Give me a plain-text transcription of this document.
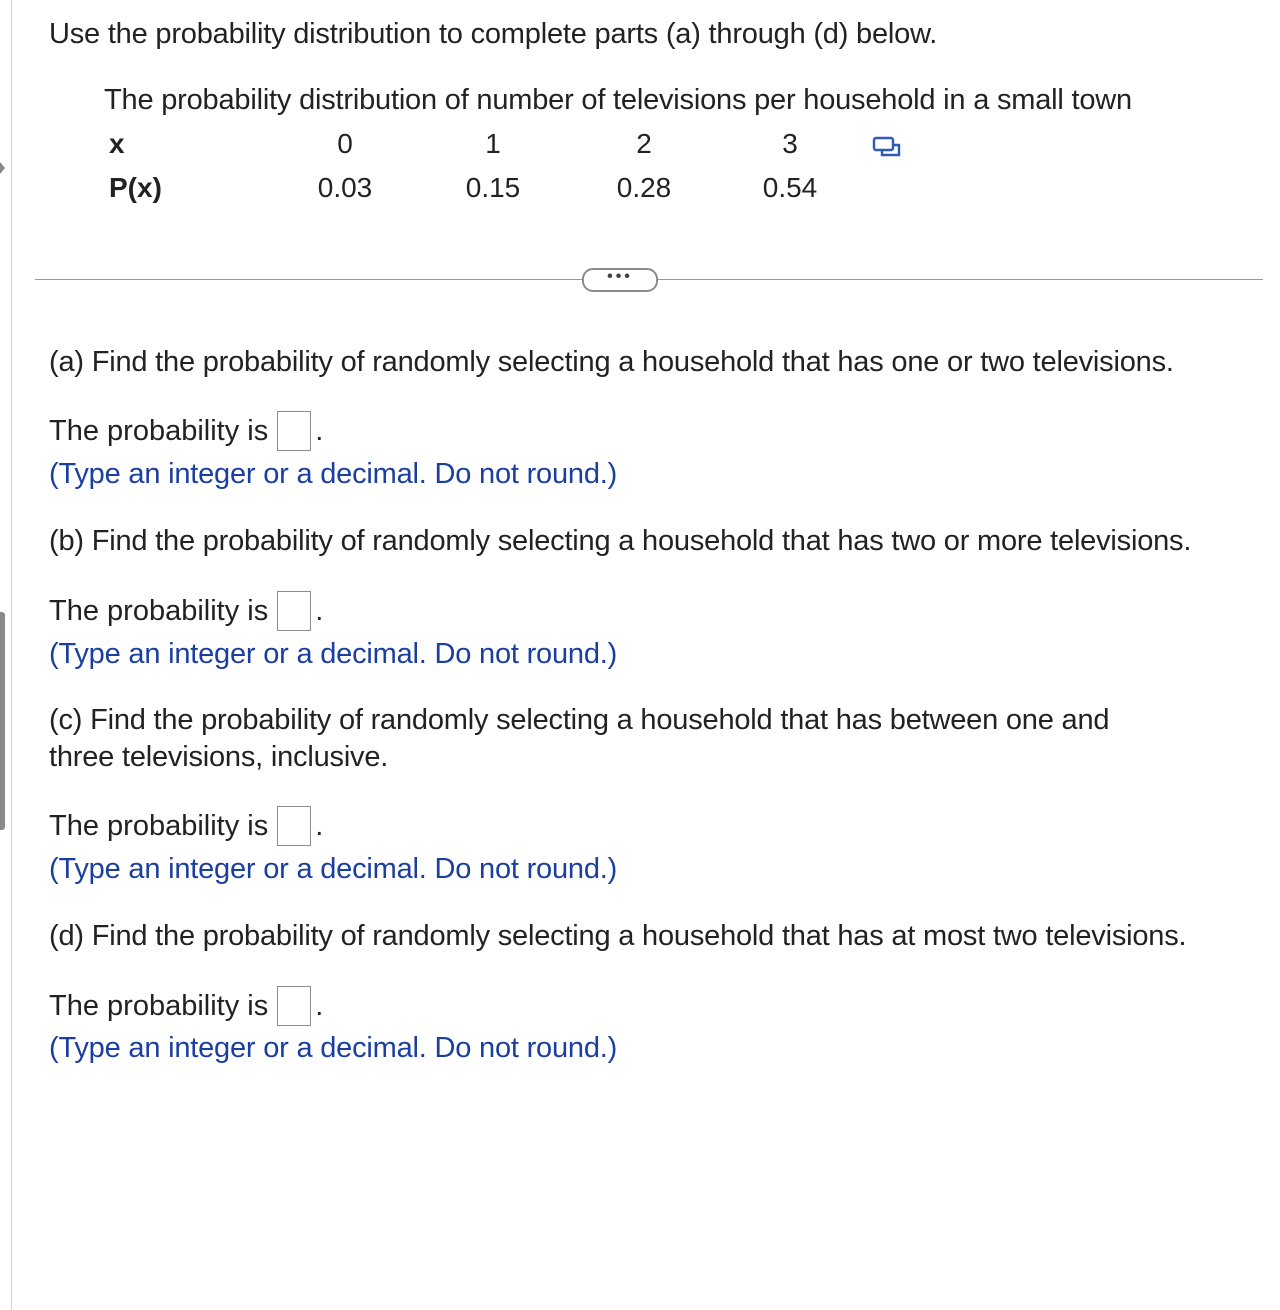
Use the probability distribution to complete parts (a) through (d) below.
The probability distribution of number of televisions per household in a small town
x	0	1	2	3
P(x)	0.03	0.15	0.28	0.54
•••
(a) Find the probability of randomly selecting a household that has one or two televisions.
The probability is .
(Type an integer or a decimal. Do not round.)
(b) Find the probability of randomly selecting a household that has two or more televisions.
The probability is .
(Type an integer or a decimal. Do not round.)
(c) Find the probability of randomly selecting a household that has between one and three televisions, inclusive.
The probability is .
(Type an integer or a decimal. Do not round.)
(d) Find the probability of randomly selecting a household that has at most two televisions.
The probability is .
(Type an integer or a decimal. Do not round.)
